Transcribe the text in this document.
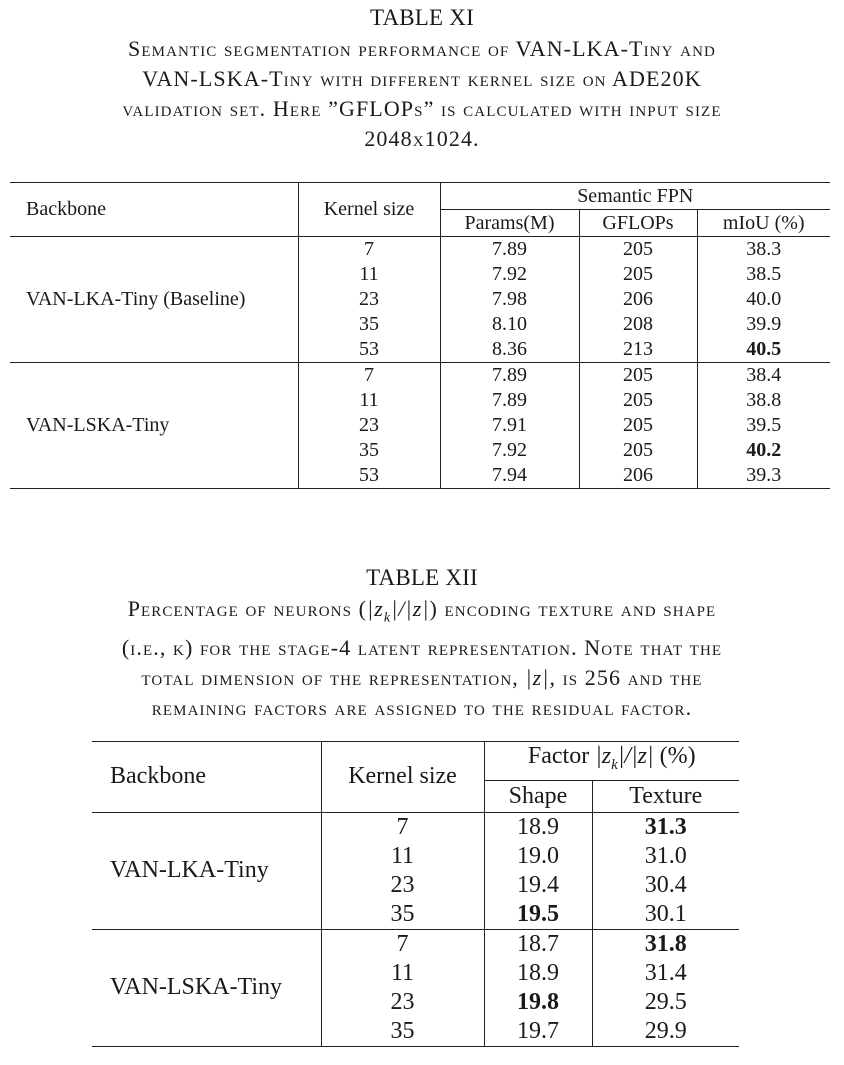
TABLE XI
Semantic segmentation performance of VAN-LKA-Tiny and
VAN-LSKA-Tiny with different kernel size on ADE20K
validation set. Here ”GFLOPs” is calculated with input size
2048x1024.
Backbone	Kernel size	Semantic FPN		
		Params(M)	GFLOPs	mIoU (%)
VAN-LKA-Tiny (Baseline)	7	7.89	205	38.3
	11	7.92	205	38.5
	23	7.98	206	40.0
	35	8.10	208	39.9
	53	8.36	213	40.5
VAN-LSKA-Tiny	7	7.89	205	38.4
	11	7.89	205	38.8
	23	7.91	205	39.5
	35	7.92	205	40.2
	53	7.94	206	39.3
TABLE XII
Percentage of neurons $(|z_k|/|z|)$ encoding texture and shape
(i.e., k) for the stage-4 latent representation. Note that the
total dimension of the representation, |z|, is 256 and the
remaining factors are assigned to the residual factor.
Backbone	Kernel size	Factor $|z_k|/|z|$ (%)	
		Shape	Texture
VAN-LKA-Tiny	7	18.9	31.3
	11	19.0	31.0
	23	19.4	30.4
	35	19.5	30.1
VAN-LSKA-Tiny	7	18.7	31.8
	11	18.9	31.4
	23	19.8	29.5
	35	19.7	29.9
